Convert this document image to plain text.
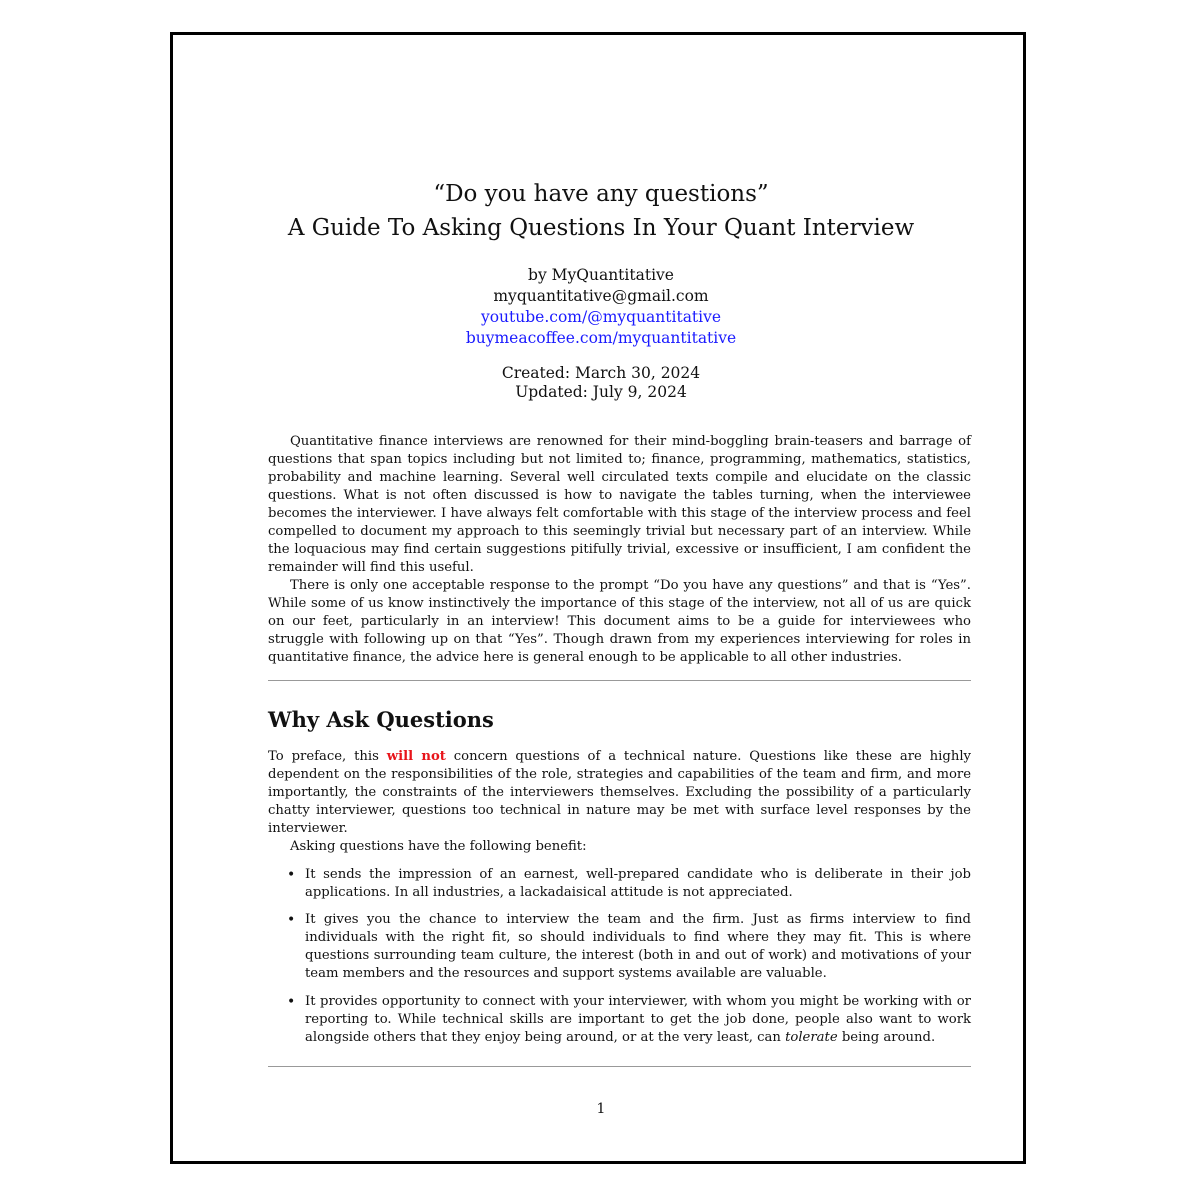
“Do you have any questions”
A Guide To Asking Questions In Your Quant Interview
by MyQuantitative
myquantitative@gmail.com
youtube.com/@myquantitative
buymeacoffee.com/myquantitative
Created: March 30, 2024
Updated: July 9, 2024
Quantitative finance interviews are renowned for their mind-boggling brain-teasers and barrage of questions that span topics including but not limited to; finance, programming, mathematics, statistics, probability and machine learning. Several well circulated texts compile and elucidate on the classic questions. What is not often discussed is how to navigate the tables turning, when the interviewee becomes the interviewer. I have always felt comfortable with this stage of the interview process and feel compelled to document my approach to this seemingly trivial but necessary part of an interview. While the loquacious may find certain suggestions pitifully trivial, excessive or insufficient, I am confident the remainder will find this useful.
There is only one acceptable response to the prompt “Do you have any questions” and that is “Yes”. While some of us know instinctively the importance of this stage of the interview, not all of us are quick on our feet, particularly in an interview! This document aims to be a guide for interviewees who struggle with following up on that “Yes”. Though drawn from my experiences interviewing for roles in quantitative finance, the advice here is general enough to be applicable to all other industries.
Why Ask Questions
To preface, this will not concern questions of a technical nature. Questions like these are highly dependent on the responsibilities of the role, strategies and capabilities of the team and firm, and more importantly, the constraints of the interviewers themselves. Excluding the possibility of a particularly chatty interviewer, questions too technical in nature may be met with surface level responses by the interviewer.
Asking questions have the following benefit:
• It sends the impression of an earnest, well-prepared candidate who is deliberate in their job applications. In all industries, a lackadaisical attitude is not appreciated.
• It gives you the chance to interview the team and the firm. Just as firms interview to find individuals with the right fit, so should individuals to find where they may fit. This is where questions surrounding team culture, the interest (both in and out of work) and motivations of your team members and the resources and support systems available are valuable.
• It provides opportunity to connect with your interviewer, with whom you might be working with or reporting to. While technical skills are important to get the job done, people also want to work alongside others that they enjoy being around, or at the very least, can tolerate being around.
1
